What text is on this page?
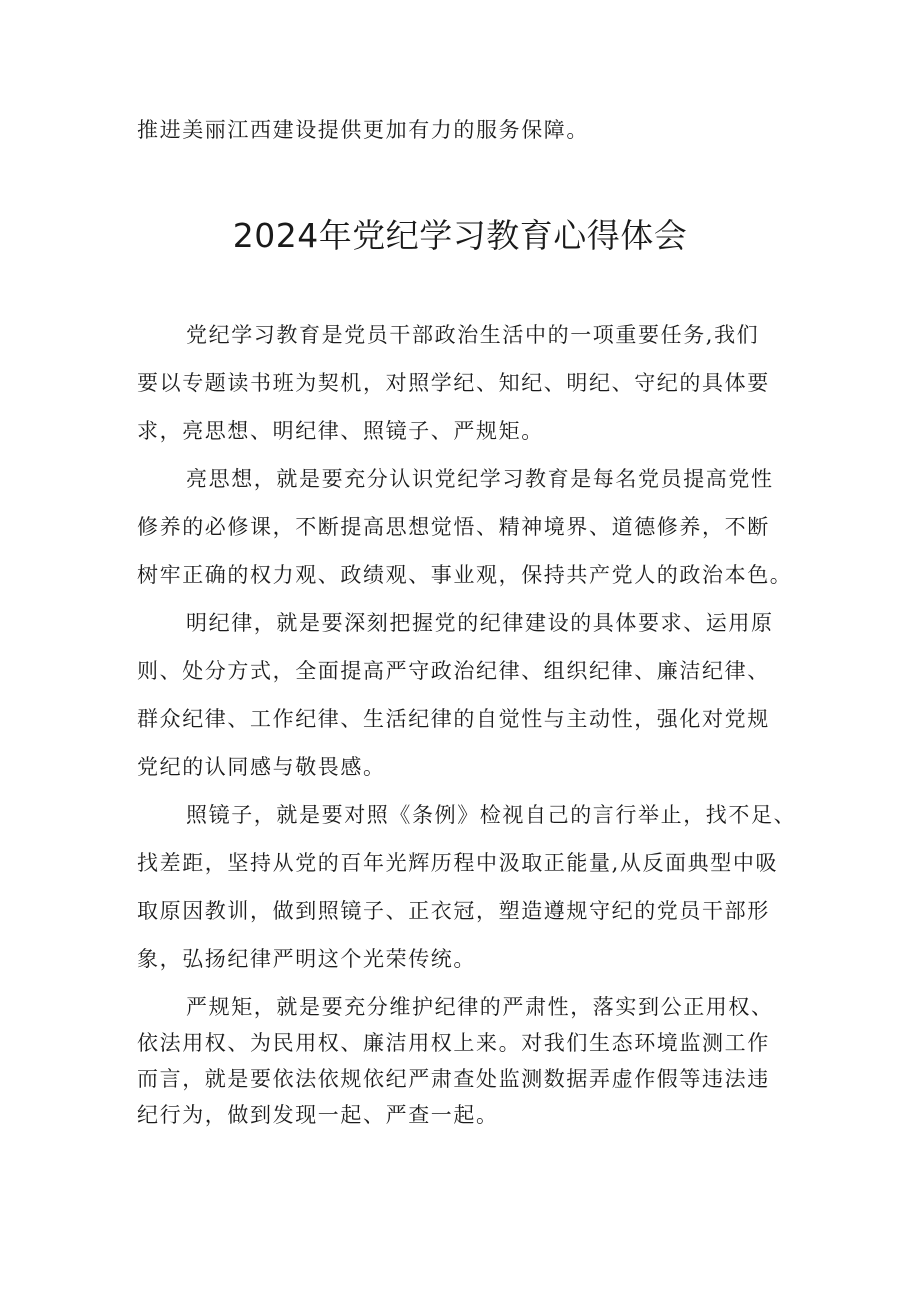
推进美丽江西建设提供更加有力的服务保障。
2024年党纪学习教育心得体会
党纪学习教育是党员干部政治生活中的一项重要任务,我们
要以专题读书班为契机，对照学纪、知纪、明纪、守纪的具体要
求，亮思想、明纪律、照镜子、严规矩。
亮思想，就是要充分认识党纪学习教育是每名党员提高党性
修养的必修课，不断提高思想觉悟、精神境界、道德修养，不断
树牢正确的权力观、政绩观、事业观，保持共产党人的政治本色。
明纪律，就是要深刻把握党的纪律建设的具体要求、运用原
则、处分方式，全面提高严守政治纪律、组织纪律、廉洁纪律、
群众纪律、工作纪律、生活纪律的自觉性与主动性，强化对党规
党纪的认同感与敬畏感。
照镜子，就是要对照《条例》检视自己的言行举止，找不足、
找差距，坚持从党的百年光辉历程中汲取正能量,从反面典型中吸
取原因教训，做到照镜子、正衣冠，塑造遵规守纪的党员干部形
象，弘扬纪律严明这个光荣传统。
严规矩，就是要充分维护纪律的严肃性，落实到公正用权、
依法用权、为民用权、廉洁用权上来。对我们生态环境监测工作
而言，就是要依法依规依纪严肃查处监测数据弄虚作假等违法违
纪行为，做到发现一起、严查一起。
